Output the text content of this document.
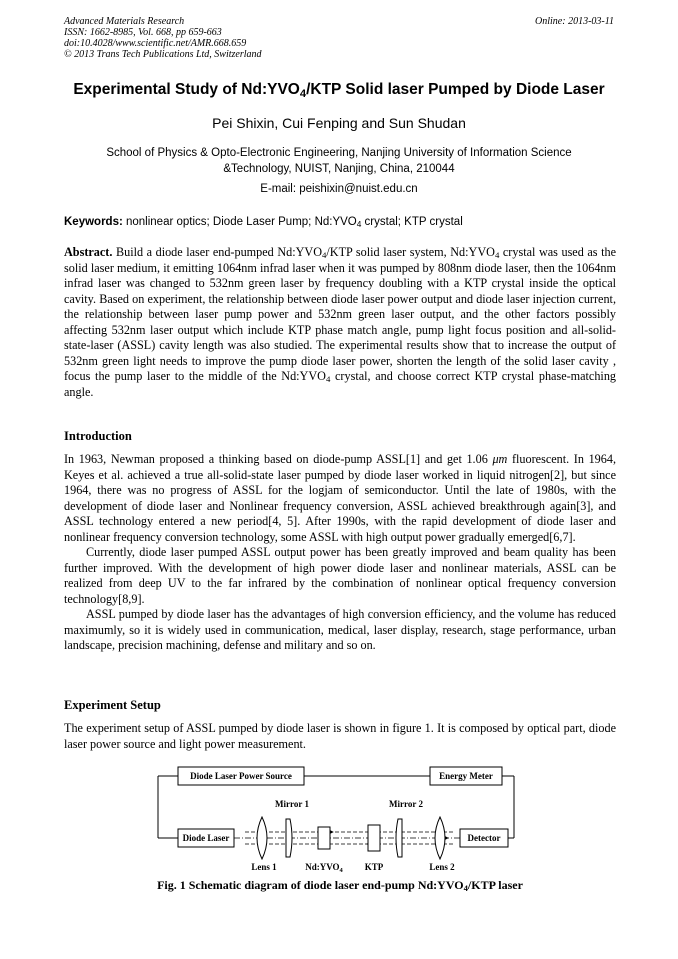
Advanced Materials Research
ISSN: 1662-8985, Vol. 668, pp 659-663
doi:10.4028/www.scientific.net/AMR.668.659
© 2013 Trans Tech Publications Ltd, Switzerland
Online: 2013-03-11
Experimental Study of $Nd:YVO_4$/KTP Solid laser Pumped by Diode Laser
Pei Shixin, Cui Fenping and Sun Shudan
School of Physics & Opto-Electronic Engineering, Nanjing University of Information Science
&Technology, NUIST, Nanjing, China, 210044
E-mail: peishixin@nuist.edu.cn
Keywords: nonlinear optics; Diode Laser Pump; $Nd:YVO_4$ crystal; KTP crystal
Abstract. Build a diode laser end-pumped $Nd:YVO_4$/KTP solid laser system, $Nd:YVO_4$ crystal was used as the solid laser medium, it emitting 1064nm infrad laser when it was pumped by 808nm diode laser, then the 1064nm infrad laser was changed to 532nm green laser by frequency doubling with a KTP crystal inside the optical cavity. Based on experiment, the relationship between diode laser power output and diode laser injection current, the relationship between laser pump power and 532nm green laser output, and the other factors possibly affecting 532nm laser output which include KTP phase match angle, pump light focus position and all-solid-state-laser (ASSL) cavity length was also studied. The experimental results show that to increase the output of 532nm green light needs to improve the pump diode laser power, shorten the length of the solid laser cavity , focus the pump laser to the middle of the $Nd:YVO_4$ crystal, and choose correct KTP crystal phase-matching angle.
Introduction

In 1963, Newman proposed a thinking based on diode-pump ASSL[1] and get 1.06 μm fluorescent. In 1964, Keyes et al. achieved a true all-solid-state laser pumped by diode laser worked in liquid nitrogen[2], but since 1964, there was no progress of ASSL for the logjam of semiconductor. Until the late of 1980s, with the development of diode laser and Nonlinear frequency conversion, ASSL achieved breakthrough again[3], and ASSL technology entered a new period[4, 5]. After 1990s, with the rapid development of diode laser and nonlinear frequency conversion technology, some ASSL with high output power gradually emerged[6,7].

Currently, diode laser pumped ASSL output power has been greatly improved and beam quality has been further improved. With the development of high power diode laser and nonlinear materials, ASSL can be realized from deep UV to the far infrared by the combination of nonlinear optical frequency conversion technology[8,9].

ASSL pumped by diode laser has the advantages of high conversion efficiency, and the volume has reduced maximumly, so it is widely used in communication, medical, laser display, research, stage performance, urban landscape, precision machining, defense and military and so on.

Experiment Setup
The experiment setup of ASSL pumped by diode laser is shown in figure 1. It is composed by optical part, diode laser power source and light power measurement.
Diode Laser Power Source	Energy Meter
Diode Laser	Detector
Mirror 1	Mirror 2
Lens 1	$Nd:YVO_4$ KTP	Lens 2
Fig. 1 Schematic diagram of diode laser end-pump $Nd:YVO_4$/KTP laser
